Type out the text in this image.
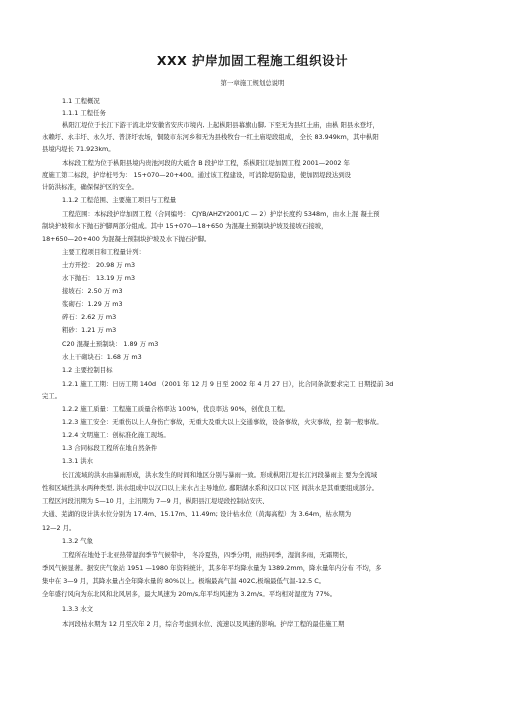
XXX 护岸加固工程施工组织设计
第一章施工规划总说明
1.1 工程概况
1.1.1 工程任务
枞阳江堤位于长江下游干流北岸安徽省安庆市境内, 上起枞阳县幕旗山脚, 下至无为县红土庙，由枞 阳县永登圩，
永赖圩、永丰圩、永久圩、普济圩农场，铜陵市东河乡和无为县栈牧台一红土庙堤段组成， 全长 83.949km，其中枞阳
县境内堤长 71.923km。
本标段工程为位于枞阳县境内贵池河段的大砥含 B 段护岸工程，系枞阳江堤加固工程 2001—2002 年
度施工第二标段，护岸桩号为： 15+070—20+400。通过该工程建设，可消除堤防隐患，使加固堤段达到设
计防洪标准，确保保护区的安全。
1.1.2 工程范围、主要施工项目与工程量
工程范围：本标段护岸加固工程（合同编号： CJYB/AHZY2001/C — 2）护岸长度约 5348m，由水上混 凝土预
制块护坡和水下抛石护脚两部分组成。其中 15+070—18+650 为混凝土预制块护坡及接坡石接坡，
18+650—20+400 为混凝土预制块护坡及水下抛石护脚。
主要工程项目和工程量计列：
土方开挖： 20.98 万 m3
水下抛石： 13.19 万 m3
接坡石：2.50 万 m3
浆砌石：1.29 万 m3
碎石：2.62 万 m3
粗砂：1.21 万 m3
C20 混凝土预制块： 1.89 万 m3
水上干砌块石：1.68 万 m3
1.2 主要控制目标
1.2.1 施工工期：日历工期 140d （2001 年 12 月 9 日至 2002 年 4 月 27 日），比合同条款要求完工 日期提前 3d
完工。
1.2.2 施工质量：工程施工质量合格率达 100%，优良率达 90%，创优良工程。
1.2.3 施工安全：无重伤以上人身伤亡事故，无重大及重大以上交通事故，设备事故，火灾事故，控 制一般事故。
1.2.4 文明施工：创标准化施工现场。
1.3 合同标段工程所在地自然条件
1.3.1 洪水
长江流域的洪水由暴雨形成，洪水发生的时间和地区分别与暴雨一致。形成枞阳江堤长江河段暴雨主 要为全流域
性和区域性洪水两种类型, 洪水组成中以汉口以上来水占主导地位, 鄱阳湖水系和汉口以下区 间洪水是其重要组成部分。
工程区河段汛期为 5—10 月，主汛期为 7—9 月，枞阳县江堤堤段控制站安庆、
大通、芜湖的设计洪水位分别为 17.4m、15.17m、11.49m; 设计枯水位（黄海高程）为 3.64m，枯水期为
12—2 月。
1.3.2 气象
工程所在地处于北亚热带湿润季节气候带中， 冬冷夏热，四季分明，雨热同季，湿润多雨，无霜期长，
季风气候显著。据安庆气象站 1951 —1980 年资料统计，其多年平均降水量为 1389.2mm，降水量年内分布 不均，多
集中在 3—9 月，其降水量占全年降水量的 80%以上。极端最高气温 402C,极端最低气温-12.5 C。
全年盛行风向为东北风和北风居多，最大风速为 20m/s,年平均风速为 3.2m/s。平均相对湿度为 77%。
1.3.3 水文
本河段枯水期为 12 月至次年 2 月，综合考虑到水位、流速以及风速的影响。护岸工程的最佳施工期
